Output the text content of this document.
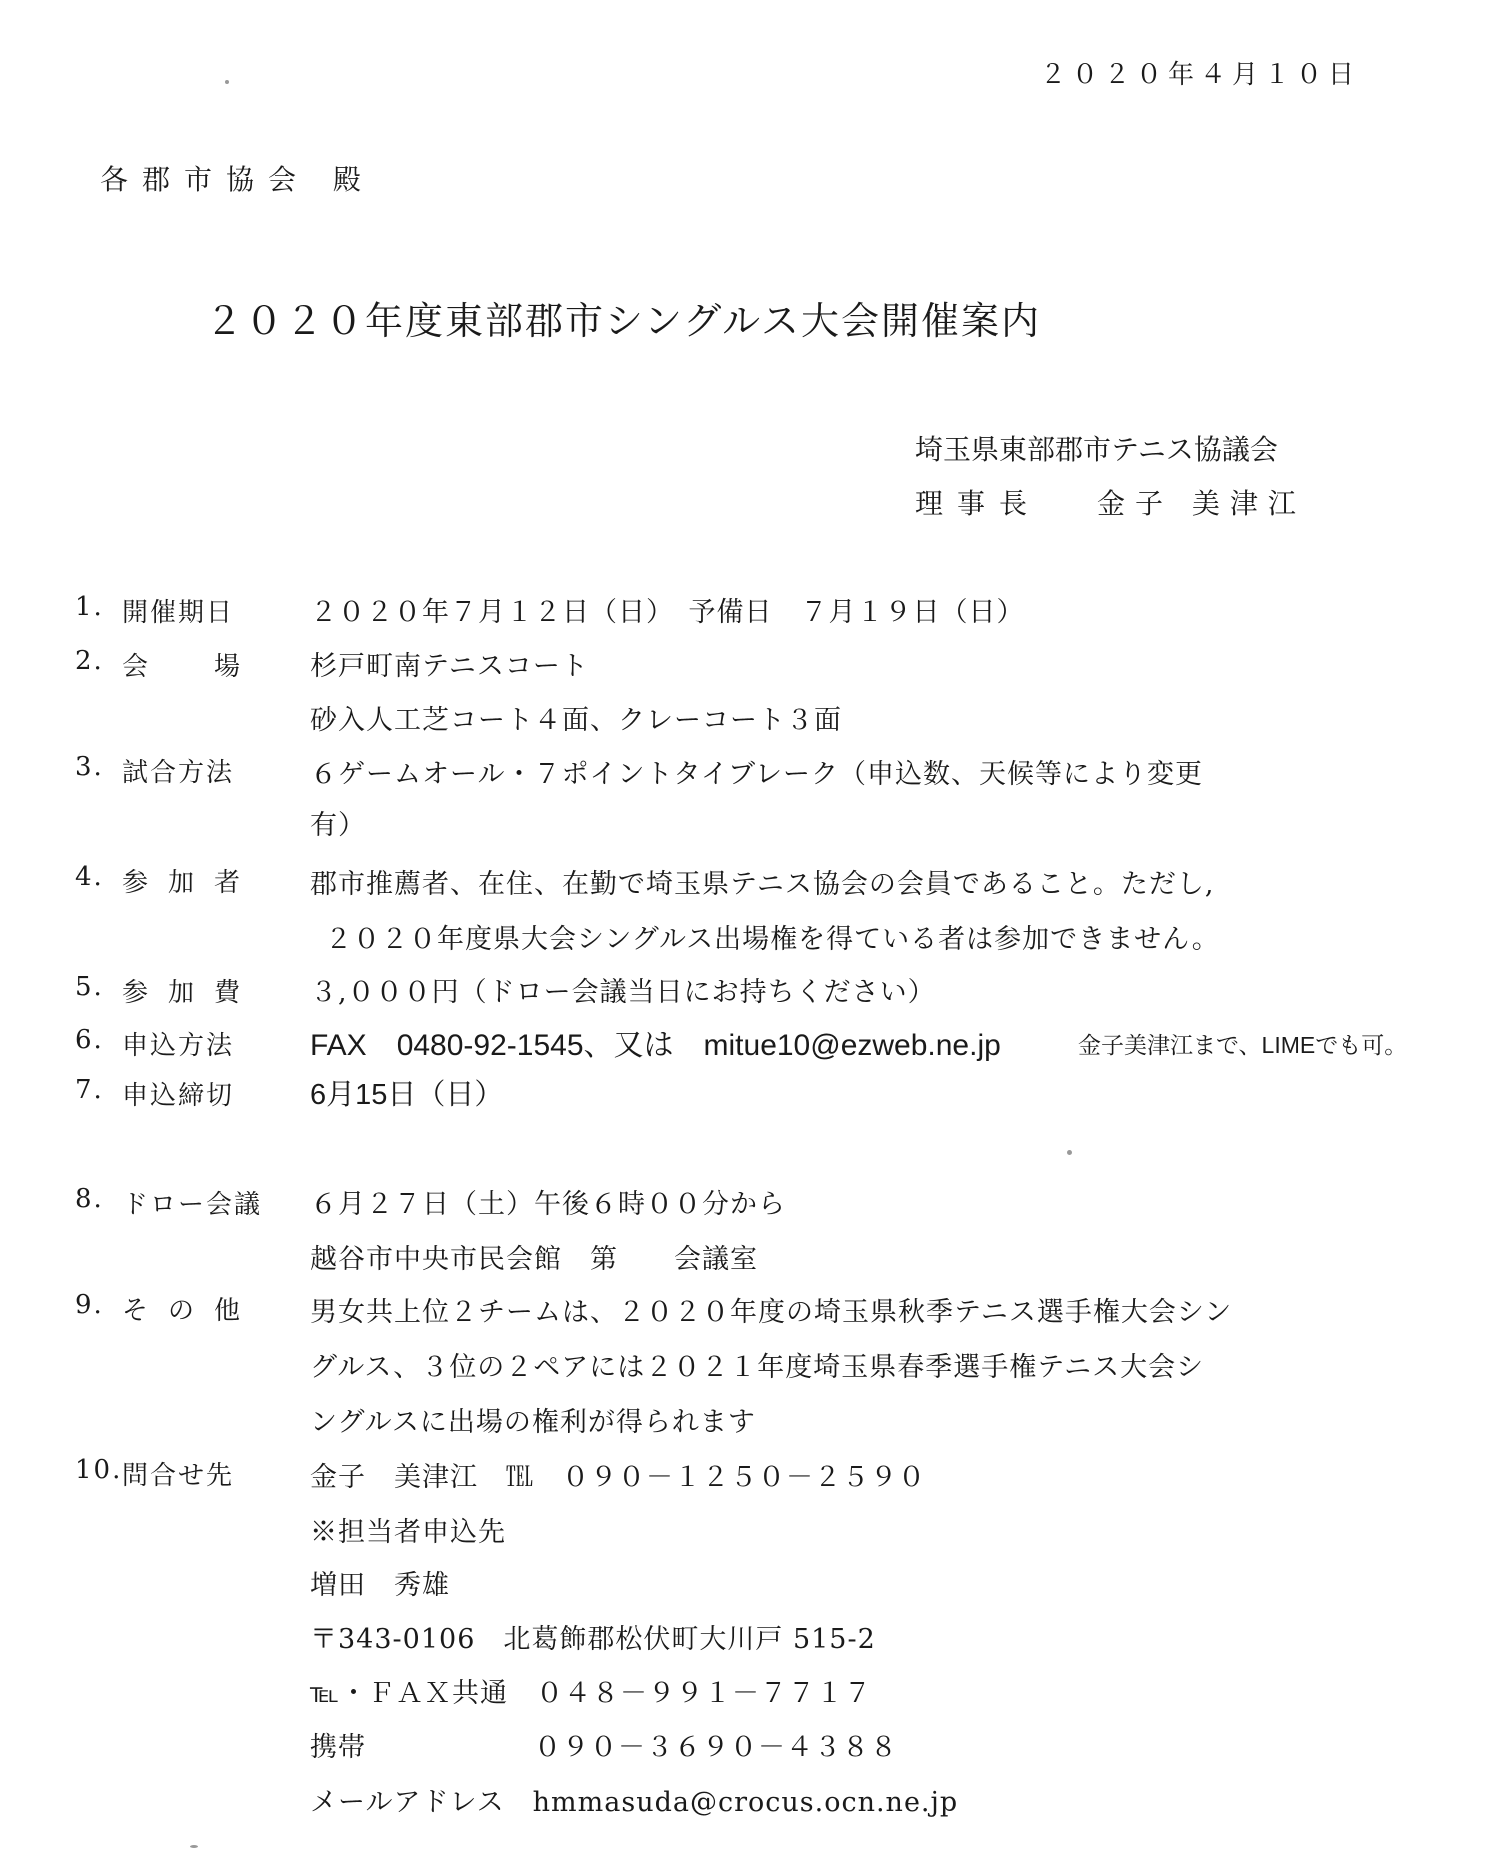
２０２０年４月１０日
各郡市協会 殿
２０２０年度東部郡市シングルス大会開催案内
埼玉県東部郡市テニス協議会
理事長 金子 美津江
1. 開催期日	２０２０年７月１２日（日）　予備日　７月１９日（日）
2. 会　場 杉戸町南テニスコート
砂入人工芝コート４面、クレーコート３面
3. 試合方法	６ゲームオール・７ポイントタイブレーク（申込数、天候等により変更
有）
4. 参加者 郡市推薦者、在住、在勤で埼玉県テニス協会の会員であること。ただし,
２０２０年度県大会シングルス出場権を得ている者は参加できません。
5. 参加費 ３,０００円（ドロー会議当日にお持ちください）
6. 申込方法	FAX　0480-92-1545、又は　mitue10@ezweb.ne.jp	金子美津江まで、LIMEでも可。
7. 申込締切	6月15日（日）
8. ドロー会議 ６月２７日（土）午後６時００分から
越谷市中央市民会館　第　　会議室
9. その他 男女共上位２チームは、２０２０年度の埼玉県秋季テニス選手権大会シン
グルス、３位の２ペアには２０２１年度埼玉県春季選手権テニス大会シ
ングルスに出場の権利が得られます
10. 問合せ先	金子　美津江　℡　０９０－１２５０－２５９０
※担当者申込先
増田　秀雄
〒343-0106　北葛飾郡松伏町大川戸 515-2
℡・ＦＡＸ共通　０４８－９９１－７７１７
携帯　　　　　　０９０－３６９０－４３８８
メールアドレス　hmmasuda@crocus.ocn.ne.jp
